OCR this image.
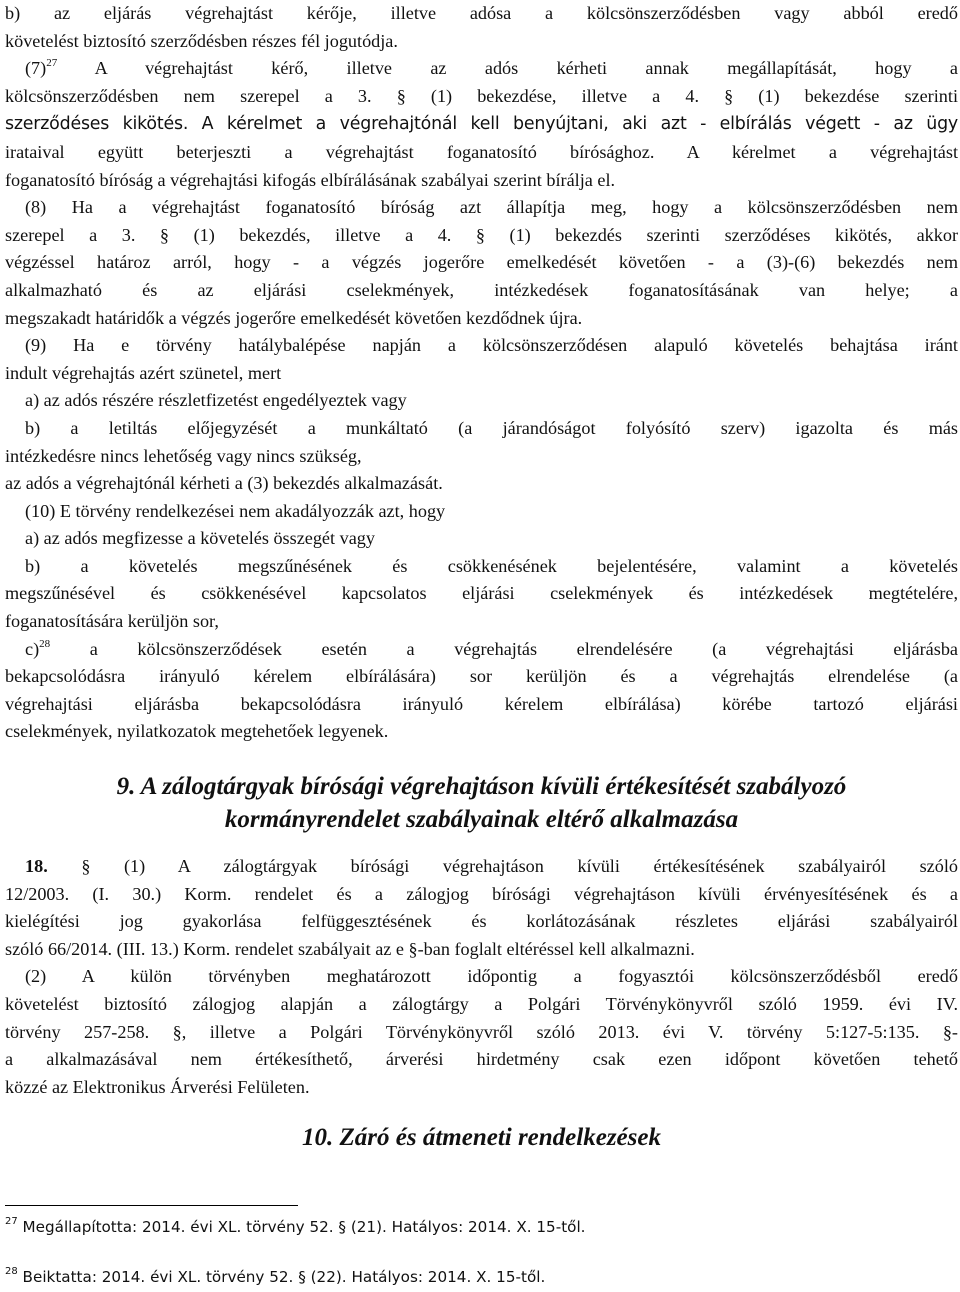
b) az eljárás végrehajtást kérője, illetve adósa a kölcsönszerződésben vagy abból eredő

követelést biztosító szerződésben részes fél jogutódja.

$(7)^{27}$ A végrehajtást kérő, illetve az adós kérheti annak megállapítását, hogy a

kölcsönszerződésben nem szerepel a 3. § (1) bekezdése, illetve a 4. § (1) bekezdése szerinti

szerződéses kikötés. A kérelmet a végrehajtónál kell benyújtani, aki azt - elbírálás végett - az ügy

irataival együtt beterjeszti a végrehajtást foganatosító bírósághoz. A kérelmet a végrehajtást

foganatosító bíróság a végrehajtási kifogás elbírálásának szabályai szerint bírálja el.

(8) Ha a végrehajtást foganatosító bíróság azt állapítja meg, hogy a kölcsönszerződésben nem

szerepel a 3. § (1) bekezdés, illetve a 4. § (1) bekezdés szerinti szerződéses kikötés, akkor

végzéssel határoz arról, hogy - a végzés jogerőre emelkedését követően - a (3)-(6) bekezdés nem

alkalmazható és az eljárási cselekmények, intézkedések foganatosításának van helye; a

megszakadt határidők a végzés jogerőre emelkedését követően kezdődnek újra.

(9) Ha e törvény hatálybalépése napján a kölcsönszerződésen alapuló követelés behajtása iránt

indult végrehajtás azért szünetel, mert

a) az adós részére részletfizetést engedélyeztek vagy

b) a letiltás előjegyzését a munkáltató (a járandóságot folyósító szerv) igazolta és más

intézkedésre nincs lehetőség vagy nincs szükség,

az adós a végrehajtónál kérheti a (3) bekezdés alkalmazását.

(10) E törvény rendelkezései nem akadályozzák azt, hogy

a) az adós megfizesse a követelés összegét vagy

b) a követelés megszűnésének és csökkenésének bejelentésére, valamint a követelés

megszűnésével és csökkenésével kapcsolatos eljárási cselekmények és intézkedések megtételére,

foganatosítására kerüljön sor,

c)$^{28}$ a kölcsönszerződések esetén a végrehajtás elrendelésére (a végrehajtási eljárásba

bekapcsolódásra irányuló kérelem elbírálására) sor kerüljön és a végrehajtás elrendelése (a

végrehajtási eljárásba bekapcsolódásra irányuló kérelem elbírálása) körébe tartozó eljárási

cselekmények, nyilatkozatok megtehetőek legyenek.

9. A zálogtárgyak bírósági végrehajtáson kívüli értékesítését szabályozó
kormányrendelet szabályainak eltérő alkalmazása

18. § (1) A zálogtárgyak bírósági végrehajtáson kívüli értékesítésének szabályairól szóló

12/2003. (I. 30.) Korm. rendelet és a zálogjog bírósági végrehajtáson kívüli érvényesítésének és a

kielégítési jog gyakorlása felfüggesztésének és korlátozásának részletes eljárási szabályairól

szóló 66/2014. (III. 13.) Korm. rendelet szabályait az e §-ban foglalt eltéréssel kell alkalmazni.

(2) A külön törvényben meghatározott időpontig a fogyasztói kölcsönszerződésből eredő

követelést biztosító zálogjog alapján a zálogtárgy a Polgári Törvénykönyvről szóló 1959. évi IV.

törvény 257-258. §, illetve a Polgári Törvénykönyvről szóló 2013. évi V. törvény 5:127-5:135. §-

a alkalmazásával nem értékesíthető, árverési hirdetmény csak ezen időpont követően tehető

közzé az Elektronikus Árverési Felületen.

10. Záró és átmeneti rendelkezések

$^{27}$ Megállapította: 2014. évi XL. törvény 52. § (21). Hatályos: 2014. X. 15-től.
$^{28}$ Beiktatta: 2014. évi XL. törvény 52. § (22). Hatályos: 2014. X. 15-től.
